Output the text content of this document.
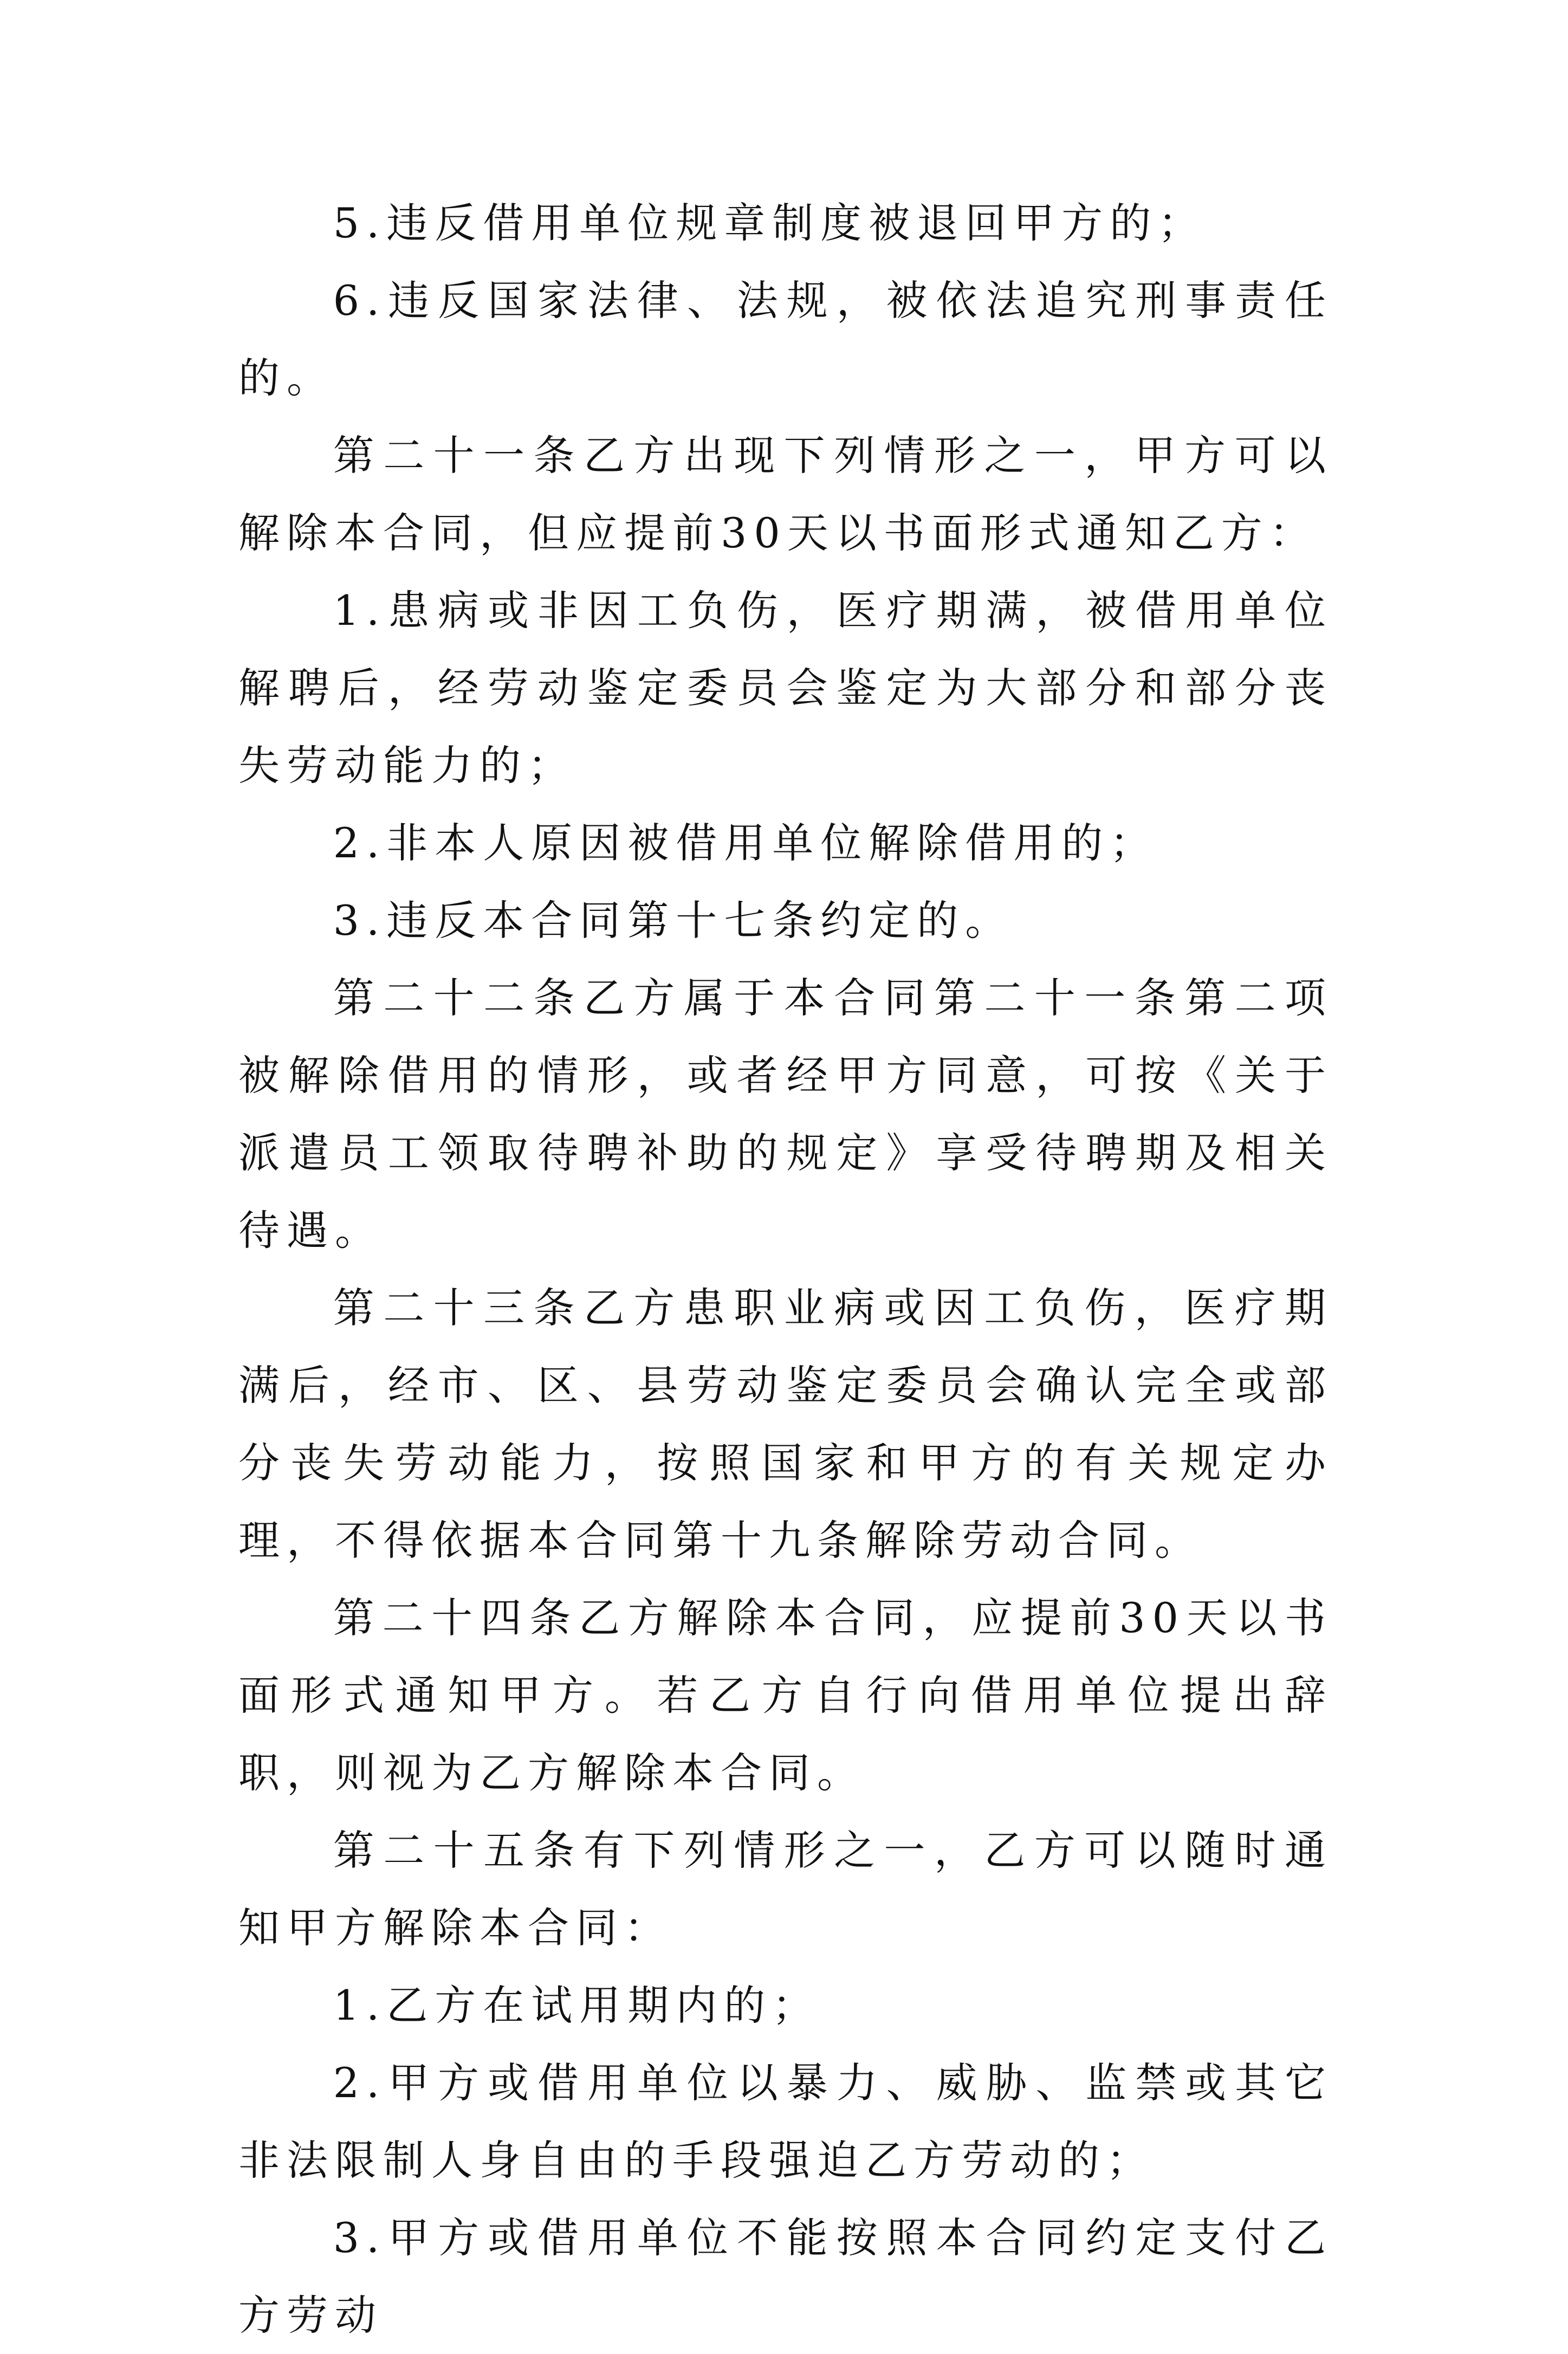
5.违反借用单位规章制度被退回甲方的；

6.违反国家法律、法规，被依法追究刑事责任的。

第二十一条乙方出现下列情形之一，甲方可以解除本合同，但应提前30天以书面形式通知乙方：

1.患病或非因工负伤，医疗期满，被借用单位解聘后，经劳动鉴定委员会鉴定为大部分和部分丧失劳动能力的；

2.非本人原因被借用单位解除借用的；

3.违反本合同第十七条约定的。

第二十二条乙方属于本合同第二十一条第二项被解除借用的情形，或者经甲方同意，可按《关于派遣员工领取待聘补助的规定》享受待聘期及相关待遇。

第二十三条乙方患职业病或因工负伤，医疗期满后，经市、区、县劳动鉴定委员会确认完全或部分丧失劳动能力，按照国家和甲方的有关规定办理，不得依据本合同第十九条解除劳动合同。

第二十四条乙方解除本合同，应提前30天以书面形式通知甲方。若乙方自行向借用单位提出辞职，则视为乙方解除本合同。

第二十五条有下列情形之一，乙方可以随时通知甲方解除本合同：

1.乙方在试用期内的；

2.甲方或借用单位以暴力、威胁、监禁或其它非法限制人身自由的手段强迫乙方劳动的；

3.甲方或借用单位不能按照本合同约定支付乙方劳动
